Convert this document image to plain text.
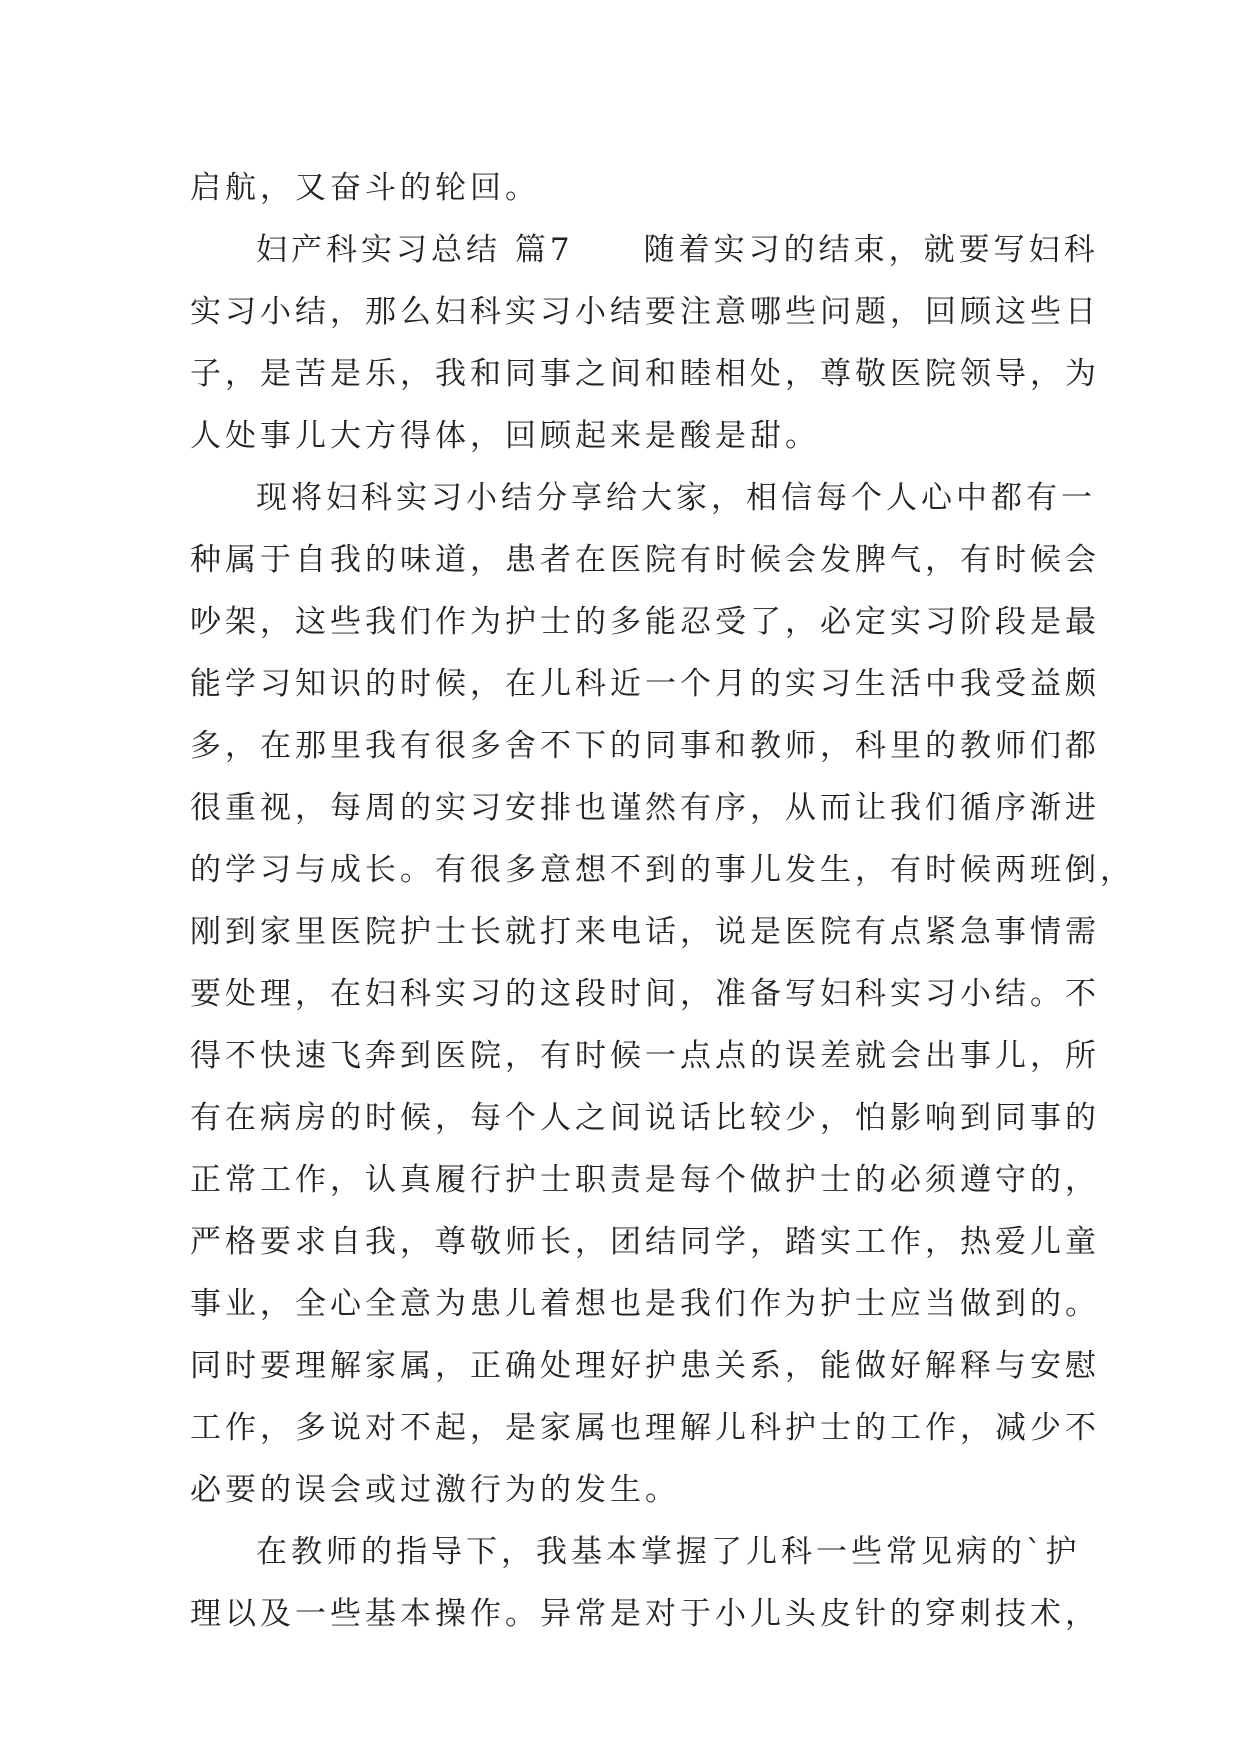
启航，又奋斗的轮回。
妇产科实习总结 篇7　　随着实习的结束，就要写妇科
实习小结，那么妇科实习小结要注意哪些问题，回顾这些日
子，是苦是乐，我和同事之间和睦相处，尊敬医院领导，为
人处事儿大方得体，回顾起来是酸是甜。
现将妇科实习小结分享给大家，相信每个人心中都有一
种属于自我的味道，患者在医院有时候会发脾气，有时候会
吵架，这些我们作为护士的多能忍受了，必定实习阶段是最
能学习知识的时候，在儿科近一个月的实习生活中我受益颇
多，在那里我有很多舍不下的同事和教师，科里的教师们都
很重视，每周的实习安排也谨然有序，从而让我们循序渐进
的学习与成长。有很多意想不到的事儿发生，有时候两班倒，
刚到家里医院护士长就打来电话，说是医院有点紧急事情需
要处理，在妇科实习的这段时间，准备写妇科实习小结。不
得不快速飞奔到医院，有时候一点点的误差就会出事儿，所
有在病房的时候，每个人之间说话比较少，怕影响到同事的
正常工作，认真履行护士职责是每个做护士的必须遵守的，
严格要求自我，尊敬师长，团结同学，踏实工作，热爱儿童
事业，全心全意为患儿着想也是我们作为护士应当做到的。
同时要理解家属，正确处理好护患关系，能做好解释与安慰
工作，多说对不起，是家属也理解儿科护士的工作，减少不
必要的误会或过激行为的发生。
在教师的指导下，我基本掌握了儿科一些常见病的`护
理以及一些基本操作。异常是对于小儿头皮针的穿刺技术，
